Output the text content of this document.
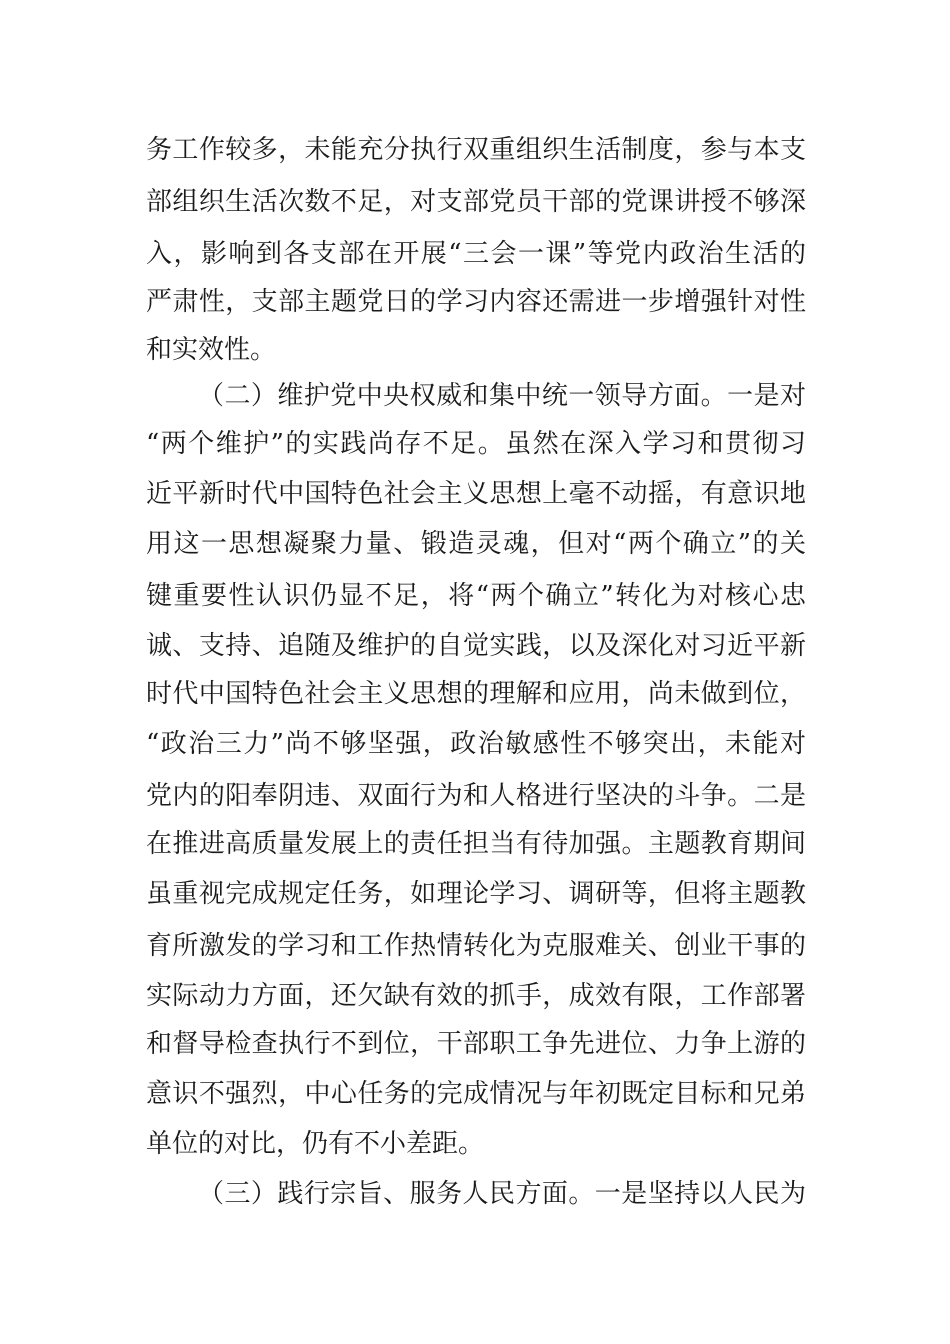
务工作较多，未能充分执行双重组织生活制度，参与本支
部组织生活次数不足，对支部党员干部的党课讲授不够深
入，影响到各支部在开展“三会一课”等党内政治生活的
严肃性，支部主题党日的学习内容还需进一步增强针对性
和实效性。
（二）维护党中央权威和集中统一领导方面。一是对
“两个维护”的实践尚存不足。虽然在深入学习和贯彻习
近平新时代中国特色社会主义思想上毫不动摇，有意识地
用这一思想凝聚力量、锻造灵魂，但对“两个确立”的关
键重要性认识仍显不足，将“两个确立”转化为对核心忠
诚、支持、追随及维护的自觉实践，以及深化对习近平新
时代中国特色社会主义思想的理解和应用，尚未做到位，
“政治三力”尚不够坚强，政治敏感性不够突出，未能对
党内的阳奉阴违、双面行为和人格进行坚决的斗争。二是
在推进高质量发展上的责任担当有待加强。主题教育期间
虽重视完成规定任务，如理论学习、调研等，但将主题教
育所激发的学习和工作热情转化为克服难关、创业干事的
实际动力方面，还欠缺有效的抓手，成效有限，工作部署
和督导检查执行不到位，干部职工争先进位、力争上游的
意识不强烈，中心任务的完成情况与年初既定目标和兄弟
单位的对比，仍有不小差距。
（三）践行宗旨、服务人民方面。一是坚持以人民为
